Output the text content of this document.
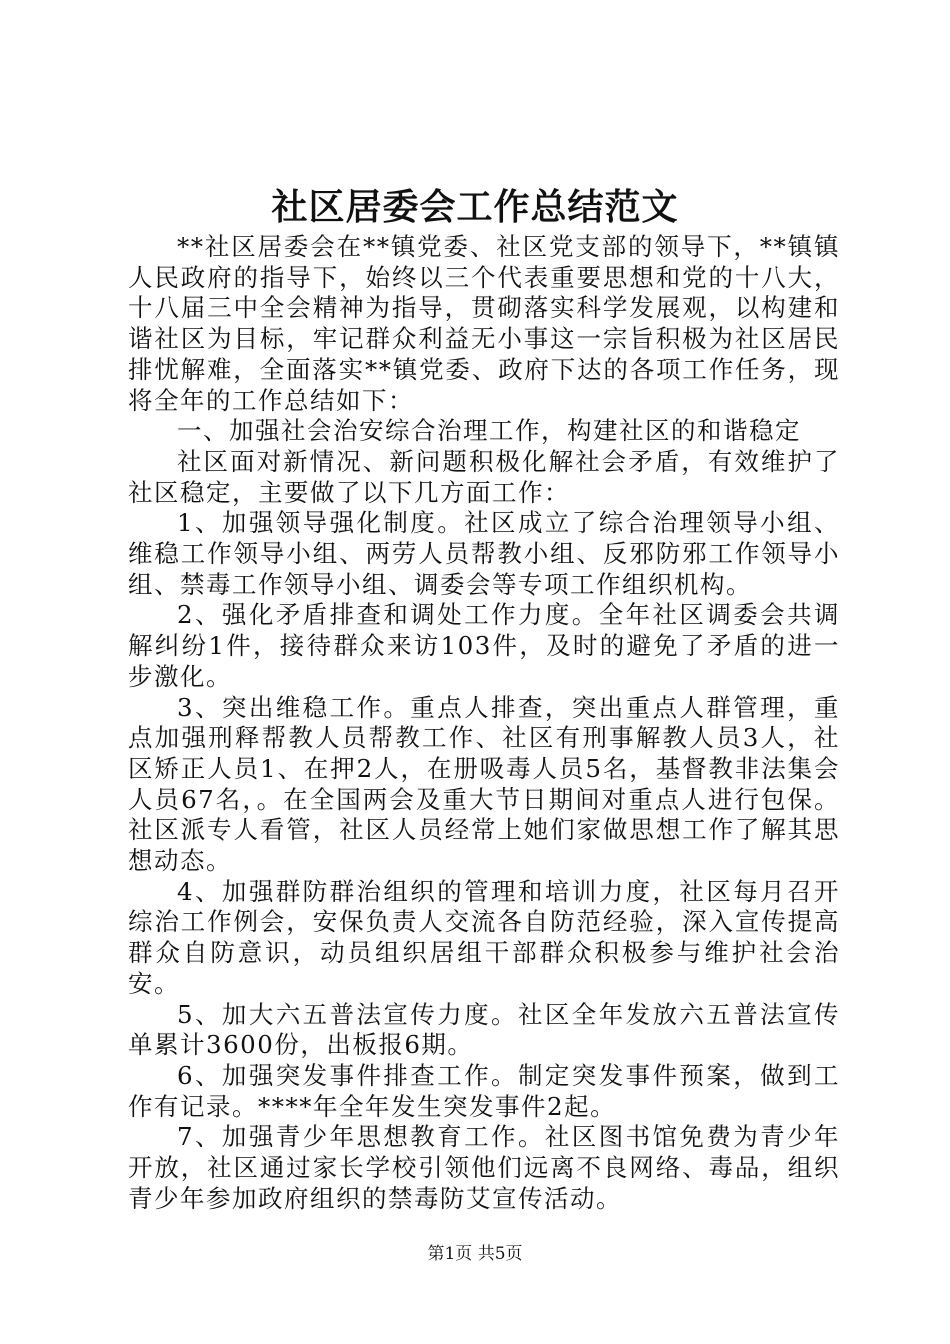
社区居委会工作总结范文

**社区居委会在**镇党委、社区党支部的领导下，**镇镇人民政府的指导下，始终以三个代表重要思想和党的十八大，十八届三中全会精神为指导，贯砌落实科学发展观，以构建和谐社区为目标，牢记群众利益无小事这一宗旨积极为社区居民排忧解难，全面落实**镇党委、政府下达的各项工作任务，现将全年的工作总结如下：

一、加强社会治安综合治理工作，构建社区的和谐稳定

社区面对新情况、新问题积极化解社会矛盾，有效维护了社区稳定，主要做了以下几方面工作：

1、加强领导强化制度。社区成立了综合治理领导小组、维稳工作领导小组、两劳人员帮教小组、反邪防邪工作领导小组、禁毒工作领导小组、调委会等专项工作组织机构。

2、强化矛盾排查和调处工作力度。全年社区调委会共调解纠纷1件，接待群众来访103件，及时的避免了矛盾的进一步激化。

3、突出维稳工作。重点人排查，突出重点人群管理，重点加强刑释帮教人员帮教工作、社区有刑事解教人员3人，社区矫正人员1、在押2人，在册吸毒人员5名，基督教非法集会人员67名，。在全国两会及重大节日期间对重点人进行包保。社区派专人看管，社区人员经常上她们家做思想工作了解其思想动态。

4、加强群防群治组织的管理和培训力度，社区每月召开综治工作例会，安保负责人交流各自防范经验，深入宣传提高群众自防意识，动员组织居组干部群众积极参与维护社会治安。

5、加大六五普法宣传力度。社区全年发放六五普法宣传单累计3600份，出板报6期。

6、加强突发事件排查工作。制定突发事件预案，做到工作有记录。****年全年发生突发事件2起。

7、加强青少年思想教育工作。社区图书馆免费为青少年开放，社区通过家长学校引领他们远离不良网络、毒品，组织青少年参加政府组织的禁毒防艾宣传活动。

第1页 共5页
